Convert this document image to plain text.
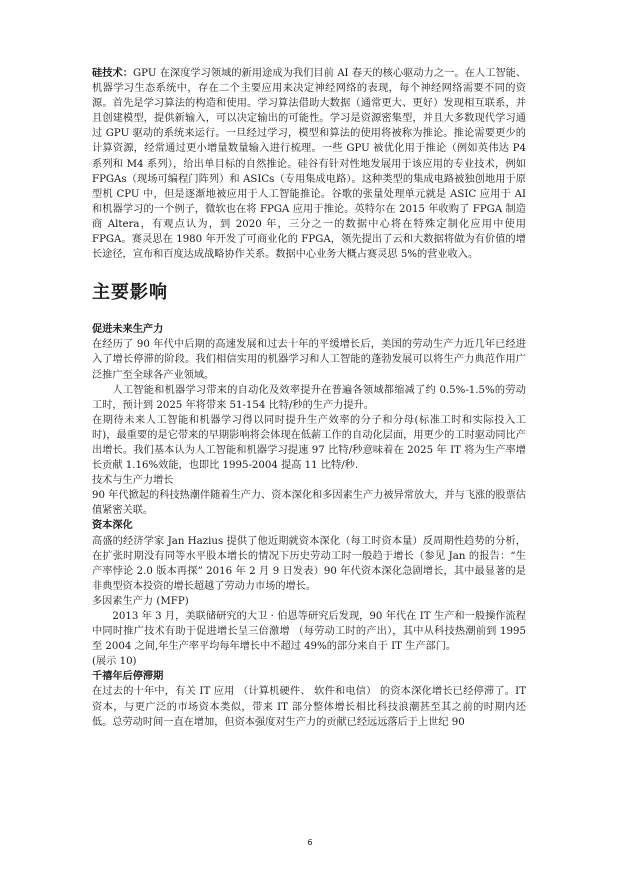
硅技术：GPU 在深度学习领域的新用途成为我们目前 AI 春天的核心驱动力之一。在人工智能、机器学习生态系统中，存在二个主要应用来决定神经网络的表现，每个神经网络需要不同的资源。首先是学习算法的构造和使用。学习算法借助大数据（通常更大、更好）发现相互联系，并且创建模型，提供新输入，可以决定输出的可能性。学习是资源密集型，并且大多数现代学习通过 GPU 驱动的系统来运行。一旦经过学习，模型和算法的使用将被称为推论。推论需要更少的计算资源，经常通过更小增量数量输入进行梳理。一些 GPU 被优化用于推论（例如英伟达 P4 系列和 M4 系列），给出单目标的自然推论。硅谷有针对性地发展用于该应用的专业技术，例如 FPGAs（现场可编程门阵列）和 ASICs（专用集成电路）。这种类型的集成电路被独创地用于原型机 CPU 中，但是逐渐地被应用于人工智能推论。谷歌的张量处理单元就是 ASIC 应用于 AI 和机器学习的一个例子，微软也在将 FPGA 应用于推论。英特尔在 2015 年收购了 FPGA 制造商 Altera，有观点认为，到 2020 年，三分之一的数据中心将在特殊定制化应用中使用 FPGA。赛灵思在 1980 年开发了可商业化的 FPGA，领先提出了云和大数据将做为有价值的增长途径，宣布和百度达成战略协作关系。数据中心业务大概占赛灵思 5%的营业收入。

主要影响
促进未来生产力

在经历了 90 年代中后期的高速发展和过去十年的平缓增长后，美国的劳动生产力近几年已经进入了增长停滞的阶段。我们相信实用的机器学习和人工智能的蓬勃发展可以将生产力典范作用广泛推广至全球各产业领域。

人工智能和机器学习带来的自动化及效率提升在普遍各领域都缩减了约 0.5%-1.5%的劳动工时，预计到 2025 年将带来 51-154 比特/秒的生产力提升。

在期待未来人工智能和机器学习得以同时提升生产效率的分子和分母(标准工时和实际投入工时)，最重要的是它带来的早期影响将会体现在低薪工作的自动化层面，用更少的工时驱动同比产出增长。我们基本认为人工智能和机器学习提速 97 比特/秒意味着在 2025 年 IT 将为生产率增长贡献 1.16%效能，也即比 1995-2004 提高 11 比特/秒.

技术与生产力增长

90 年代掀起的科技热潮伴随着生产力、资本深化和多因素生产力被异常放大，并与飞涨的股票估值紧密关联。

资本深化

高盛的经济学家 Jan Hazius 提供了他近期就资本深化（每工时资本量）反周期性趋势的分析，在扩张时期没有同等水平股本增长的情况下历史劳动工时一般趋于增长（参见 Jan 的报告：“生产率悖论 2.0 版本再探” 2016 年 2 月 9 日发表）90 年代资本深化急剧增长，其中最显著的是非典型资本投资的增长超越了劳动力市场的增长。

多因素生产力 (MFP)

2013 年 3 月，美联储研究的大卫 · 伯恩等研究后发现，90 年代在 IT 生产和一般操作流程中同时推广技术有助于促进增长呈三倍激增 （每劳动工时的产出），其中从科技热潮前到 1995 至 2004 之间,年生产率平均每年增长中不超过 49%的部分来自于 IT 生产部门。

(展示 10)
千禧年后停滞期

在过去的十年中，有关 IT 应用 （计算机硬件、 软件和电信） 的资本深化增长已经停滞了。IT 资本，与更广泛的市场资本类似，带来 IT 部分整体增长相比科技浪潮甚至其之前的时期内还低。总劳动时间一直在增加，但资本强度对生产力的贡献已经远远落后于上世纪 90

6
